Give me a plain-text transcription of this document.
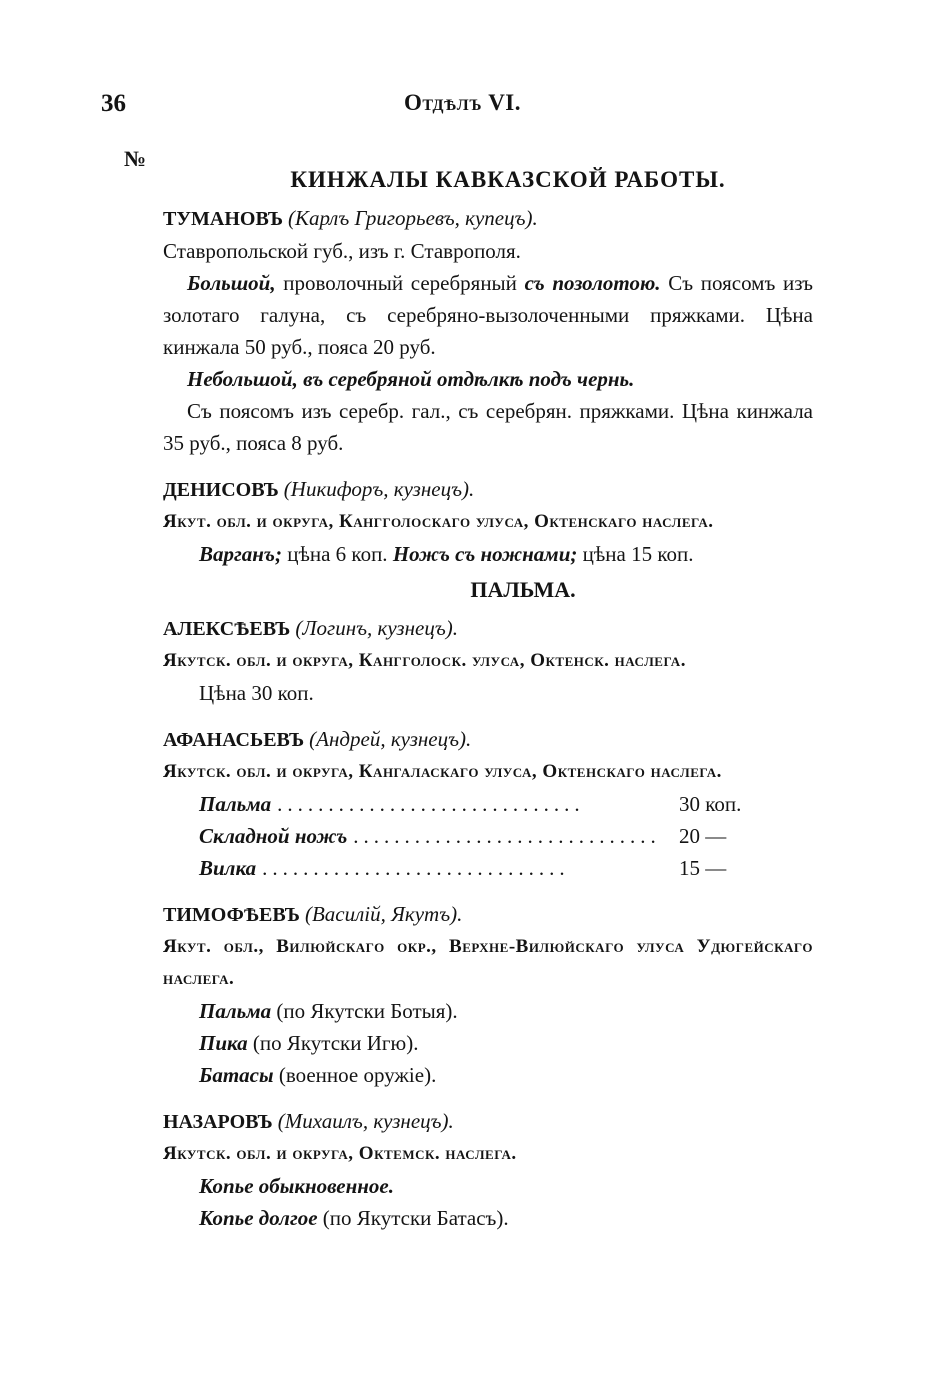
36	Отдѣлъ VI.
№
КИНЖАЛЫ КАВКАЗСКОЙ РАБОТЫ.
ТУМАНОВЪ (Карлъ Григорьевъ, купецъ).
Ставропольской губ., изъ г. Ставрополя.
Большой, проволочный серебряный съ позолотою. Съ поясомъ изъ золотаго галуна, съ серебряно-вызолоченными пряжками. Цѣна кинжала 50 руб., пояса 20 руб.
Небольшой, въ серебряной отдѣлкѣ подъ чернь.
Съ поясомъ изъ серебр. гал., съ серебрян. пряжками. Цѣна кинжала 35 руб., пояса 8 руб.
ДЕНИСОВЪ (Никифоръ, кузнецъ).
Якут. обл. и округа, Кангголоскаго улуса, Октенскаго наслега.
Варганъ; цѣна 6 коп. Ножъ съ ножнами; цѣна 15 коп.
ПАЛЬМА.
АЛЕКСѢЕВЪ (Логинъ, кузнецъ).
Якутск. обл. и округа, Кангголоск. улуса, Октенск. наслега.
Цѣна 30 коп.
АФАНАСЬЕВЪ (Андрей, кузнецъ).
Якутск. обл. и округа, Кангаласкаго улуса, Октенскаго наслега.
Пальма ..............................	30 коп.
Складной ножъ .............................. 20 —
Вилка ..............................	15 —
ТИМОФѢЕВЪ (Василій, Якутъ).
Якут. обл., Вилюйскаго окр., Верхне-Вилюйскаго улуса Удюгейскаго наслега.
Пальма (по Якутски Ботыя).
Пика (по Якутски Игю).
Батасы (военное оружіе).
НАЗАРОВЪ (Михаилъ, кузнецъ).
Якутск. обл. и округа, Октемск. наслега.
Копье обыкновенное.
Копье долгое (по Якутски Батасъ).
